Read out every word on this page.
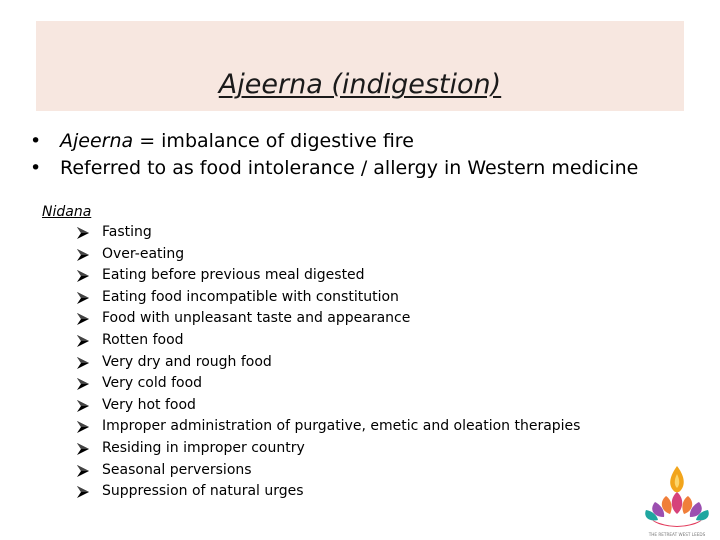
Ajeerna (indigestion)
• Ajeerna = imbalance of digestive fire
• Referred to as food intolerance / allergy in Western medicine
Nidana
Fasting
Over-eating
Eating before previous meal digested
Eating food incompatible with constitution
Food with unpleasant taste and appearance
Rotten food
Very dry and rough food
Very cold food
Very hot food
Improper administration of purgative, emetic and oleation therapies
Residing in improper country
Seasonal perversions
Suppression of natural urges
THE RETREAT WEST LEEDS
